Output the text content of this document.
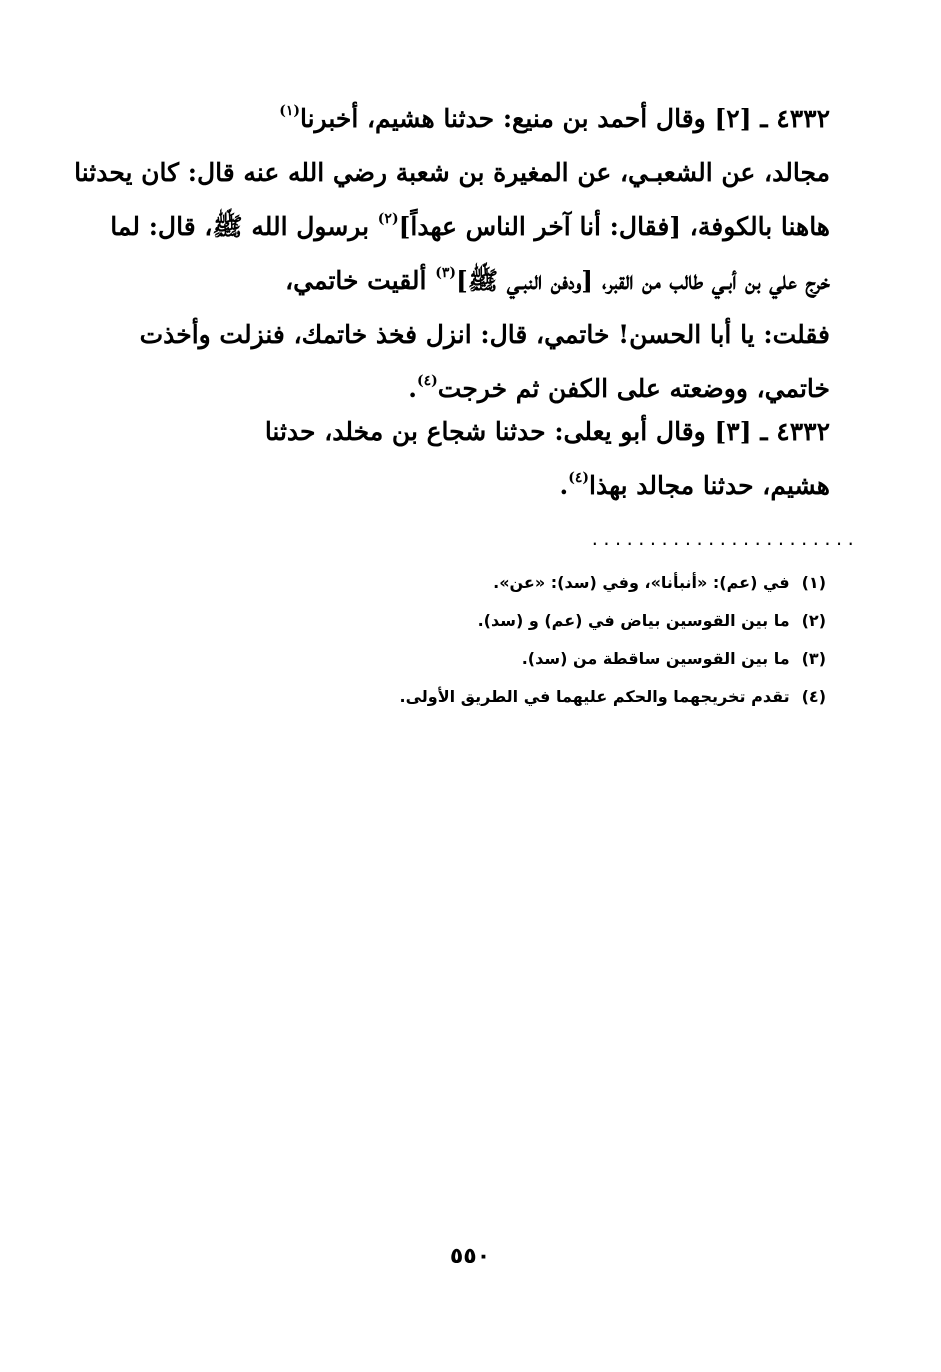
٤٣٣٢ ـ [٢] وقال أحمد بن منيع: حدثنا هشيم، أخبرنا$^{(١)}$
مجالد، عن الشعبـي، عن المغيرة بن شعبة رضي الله عنه قال: كان يحدثنا
هاهنا بالكوفة، [فقال: أنا آخر الناس عهداً]$^{(٢)}$ برسول الله ﷺ، قال: لما
خرج علي بن أبـي طالب من القبر، [ودفن النبـي ﷺ]$^{(٣)}$ ألقيت خاتمي،
فقلت: يا أبا الحسن! خاتمي، قال: انزل فخذ خاتمك، فنزلت وأخذت
خاتمي، ووضعته على الكفن ثم خرجت$^{(٤)}$.
٤٣٣٢ ـ [٣] وقال أبو يعلى: حدثنا شجاع بن مخلد، حدثنا
هشيم، حدثنا مجالد بهذا$^{(٤)}$.
.......................
(١)في (عم): «أنبأنا»، وفي (سد): «عن».
(٢)ما بين القوسين بياض في (عم) و (سد).
(٣)ما بين القوسين ساقطة من (سد).
(٤)تقدم تخريجهما والحكم عليهما في الطريق الأولى.
٥٥٠
